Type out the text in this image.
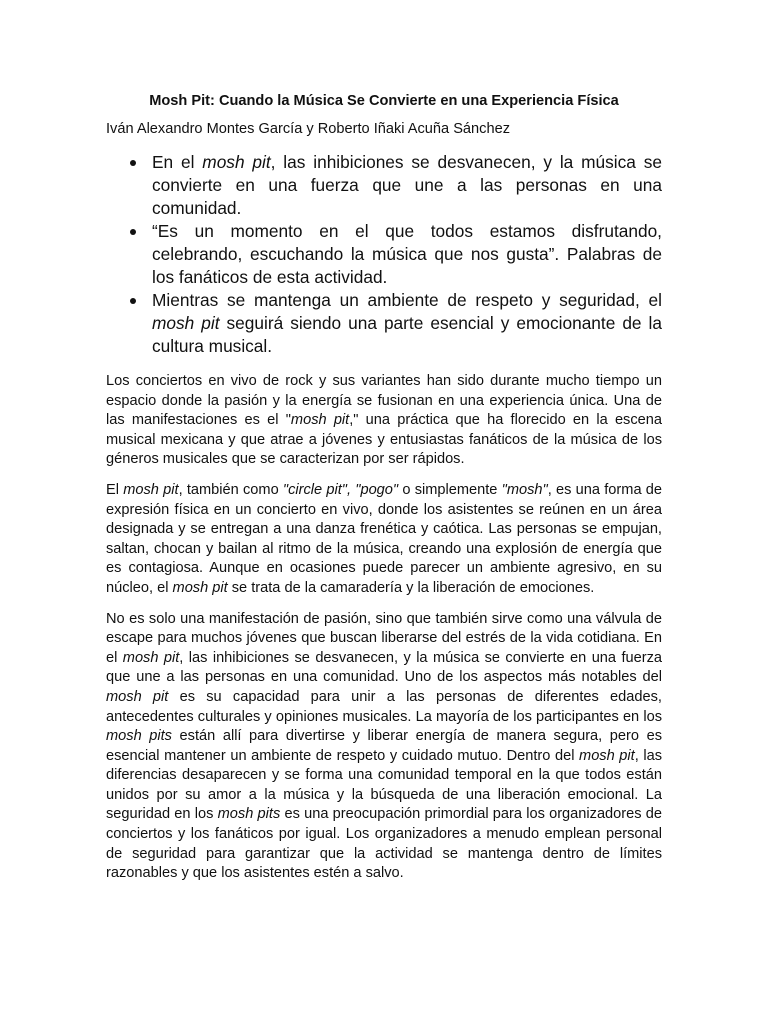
Mosh Pit: Cuando la Música Se Convierte en una Experiencia Física
Iván Alexandro Montes García y Roberto Iñaki Acuña Sánchez
En el mosh pit, las inhibiciones se desvanecen, y la música se convierte en una fuerza que une a las personas en una comunidad.
“Es un momento en el que todos estamos disfrutando, celebrando, escuchando la música que nos gusta”. Palabras de los fanáticos de esta actividad.
Mientras se mantenga un ambiente de respeto y seguridad, el mosh pit seguirá siendo una parte esencial y emocionante de la cultura musical.

Los conciertos en vivo de rock y sus variantes han sido durante mucho tiempo un espacio donde la pasión y la energía se fusionan en una experiencia única. Una de las manifestaciones es el "mosh pit," una práctica que ha florecido en la escena musical mexicana y que atrae a jóvenes y entusiastas fanáticos de la música de los géneros musicales que se caracterizan por ser rápidos.

El mosh pit, también como "circle pit", "pogo" o simplemente "mosh", es una forma de expresión física en un concierto en vivo, donde los asistentes se reúnen en un área designada y se entregan a una danza frenética y caótica. Las personas se empujan, saltan, chocan y bailan al ritmo de la música, creando una explosión de energía que es contagiosa. Aunque en ocasiones puede parecer un ambiente agresivo, en su núcleo, el mosh pit se trata de la camaradería y la liberación de emociones.

No es solo una manifestación de pasión, sino que también sirve como una válvula de escape para muchos jóvenes que buscan liberarse del estrés de la vida cotidiana. En el mosh pit, las inhibiciones se desvanecen, y la música se convierte en una fuerza que une a las personas en una comunidad. Uno de los aspectos más notables del mosh pit es su capacidad para unir a las personas de diferentes edades, antecedentes culturales y opiniones musicales. La mayoría de los participantes en los mosh pits están allí para divertirse y liberar energía de manera segura, pero es esencial mantener un ambiente de respeto y cuidado mutuo. Dentro del mosh pit, las diferencias desaparecen y se forma una comunidad temporal en la que todos están unidos por su amor a la música y la búsqueda de una liberación emocional. La seguridad en los mosh pits es una preocupación primordial para los organizadores de conciertos y los fanáticos por igual. Los organizadores a menudo emplean personal de seguridad para garantizar que la actividad se mantenga dentro de límites razonables y que los asistentes estén a salvo.
